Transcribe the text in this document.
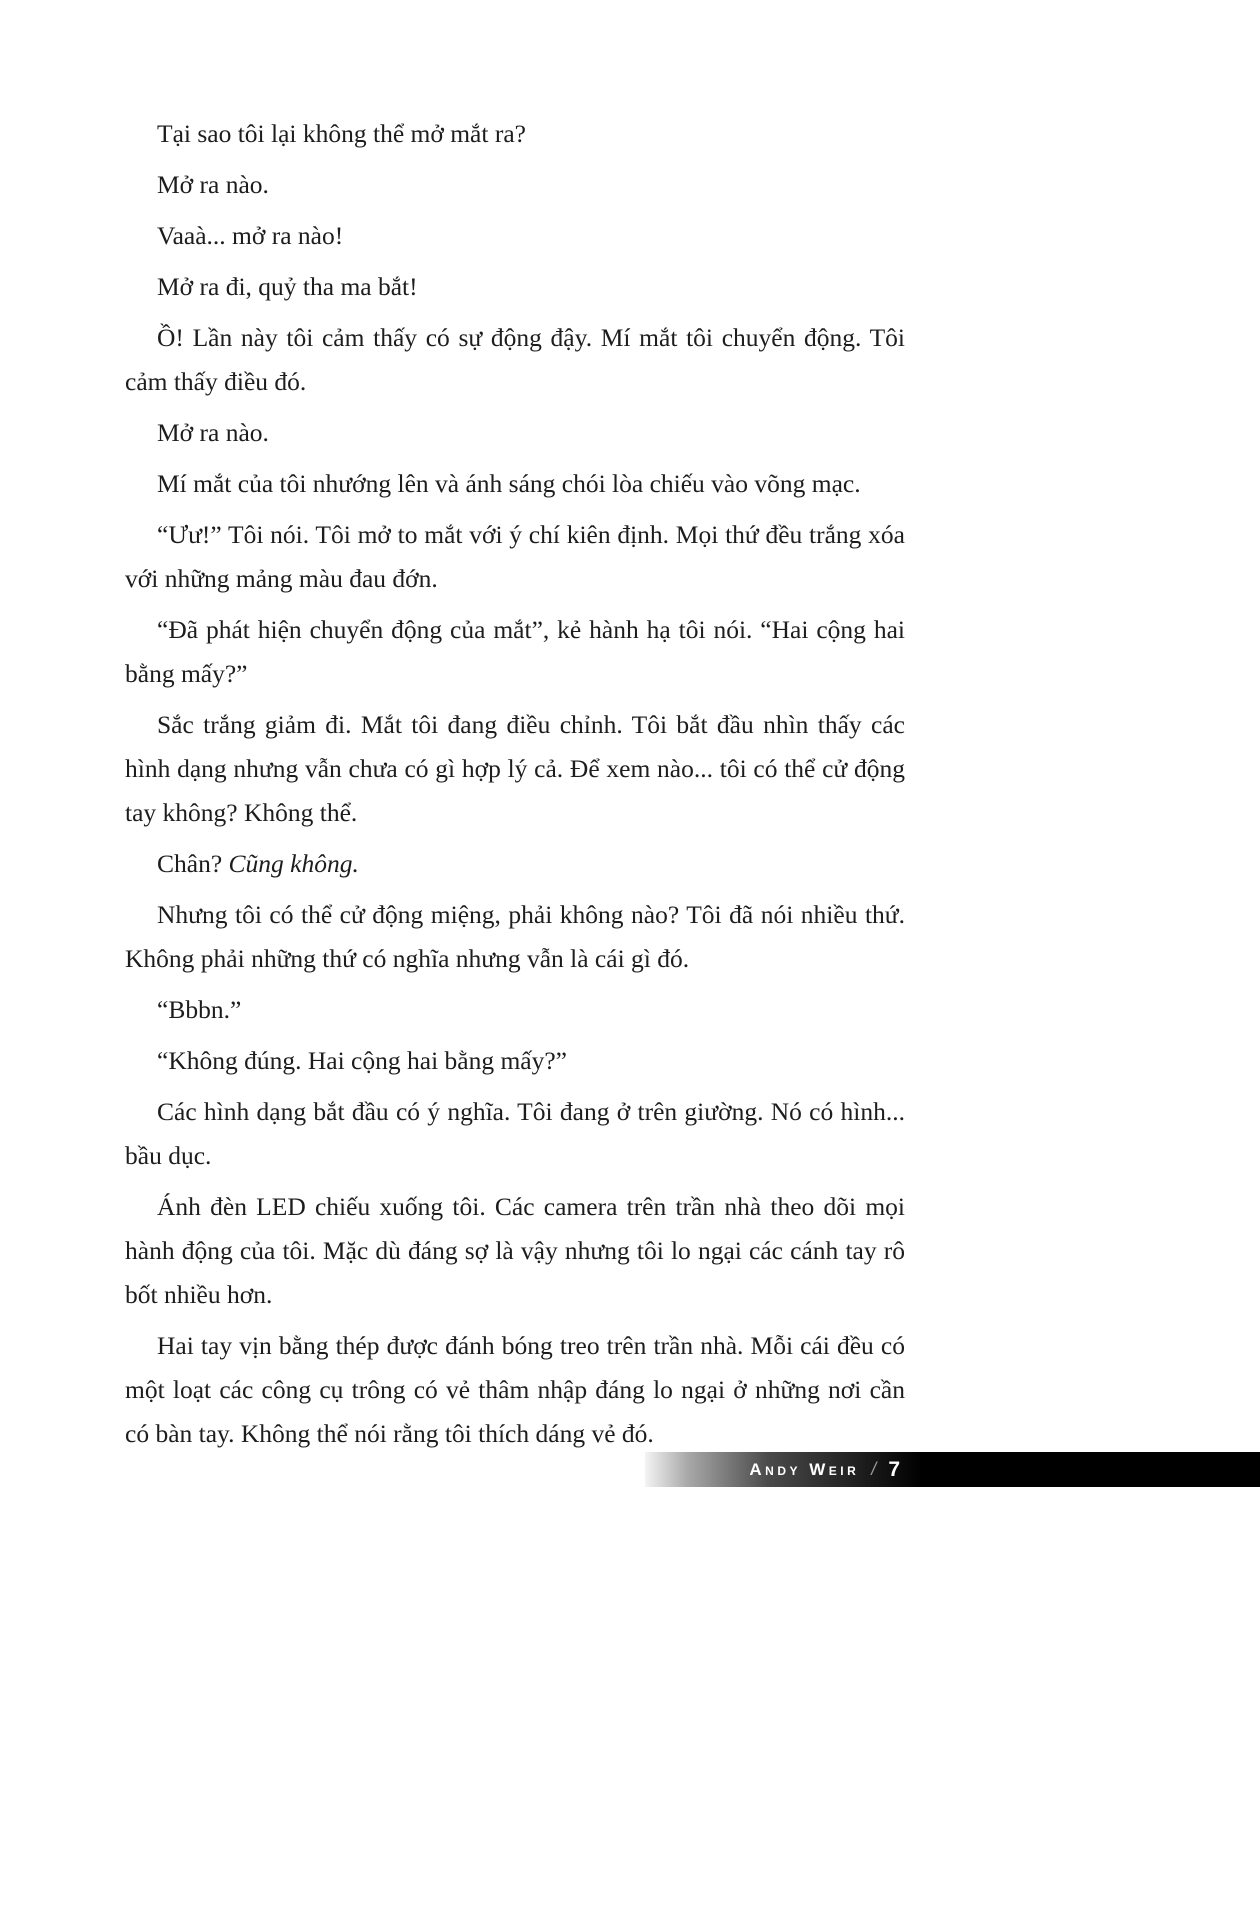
Tại sao tôi lại không thể mở mắt ra?

Mở ra nào.

Vaaà... mở ra nào!

Mở ra đi, quỷ tha ma bắt!

Ồ! Lần này tôi cảm thấy có sự động đậy. Mí mắt tôi chuyển động. Tôi cảm thấy điều đó.

Mở ra nào.

Mí mắt của tôi nhướng lên và ánh sáng chói lòa chiếu vào võng mạc.

“Ưư!” Tôi nói. Tôi mở to mắt với ý chí kiên định. Mọi thứ đều trắng xóa với những mảng màu đau đớn.

“Đã phát hiện chuyển động của mắt”, kẻ hành hạ tôi nói. “Hai cộng hai bằng mấy?”

Sắc trắng giảm đi. Mắt tôi đang điều chỉnh. Tôi bắt đầu nhìn thấy các hình dạng nhưng vẫn chưa có gì hợp lý cả. Để xem nào... tôi có thể cử động tay không? Không thể.

Chân? Cũng không.

Nhưng tôi có thể cử động miệng, phải không nào? Tôi đã nói nhiều thứ. Không phải những thứ có nghĩa nhưng vẫn là cái gì đó.

“Bbbn.”

“Không đúng. Hai cộng hai bằng mấy?”

Các hình dạng bắt đầu có ý nghĩa. Tôi đang ở trên giường. Nó có hình... bầu dục.

Ánh đèn LED chiếu xuống tôi. Các camera trên trần nhà theo dõi mọi hành động của tôi. Mặc dù đáng sợ là vậy nhưng tôi lo ngại các cánh tay rô bốt nhiều hơn.

Hai tay vịn bằng thép được đánh bóng treo trên trần nhà. Mỗi cái đều có một loạt các công cụ trông có vẻ thâm nhập đáng lo ngại ở những nơi cần có bàn tay. Không thể nói rằng tôi thích dáng vẻ đó.

Andy Weir / 7
